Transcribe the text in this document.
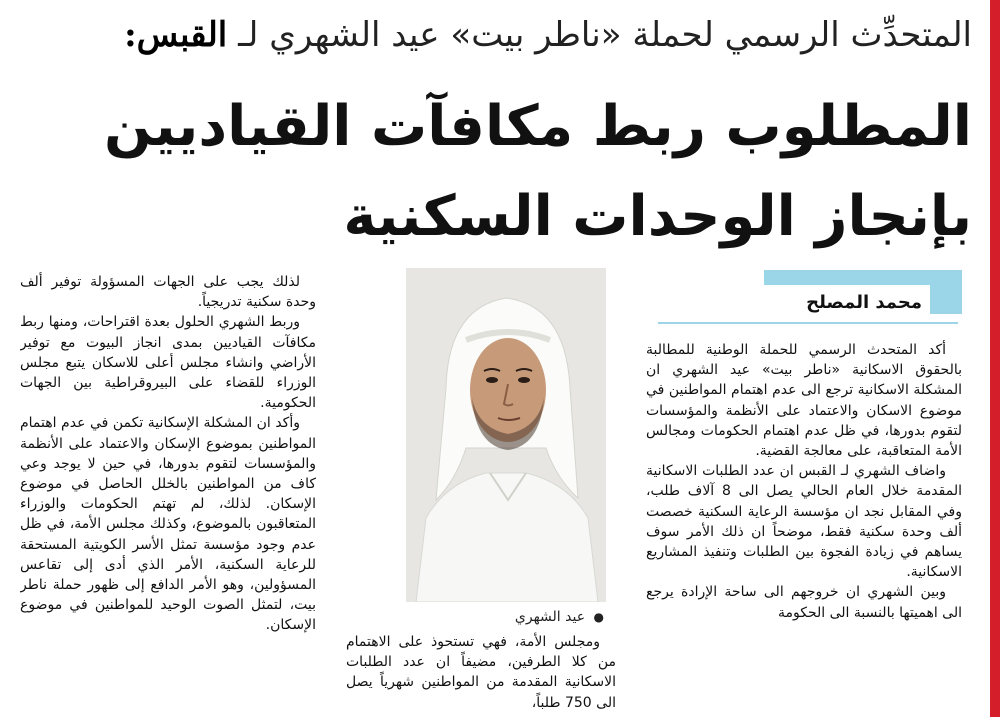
المتحدِّث الرسمي لحملة «ناطر بيت» عيد الشهري لـ القبس:
المطلوب ربط مكافآت القياديين
بإنجاز الوحدات السكنية
محمد المصلح
● عيد الشهري

أكد المتحدث الرسمي للحملة الوطنية للمطالبة بالحقوق الاسكانية «ناطر بيت» عيد الشهري ان المشكلة الاسكانية ترجع الى عدم اهتمام المواطنين في موضوع الاسكان والاعتماد على الأنظمة والمؤسسات لتقوم بدورها، في ظل عدم اهتمام الحكومات ومجالس الأمة المتعاقبة، على معالجة القضية.

واضاف الشهري لـ القبس ان عدد الطلبات الاسكانية المقدمة خلال العام الحالي يصل الى 8 آلاف طلب، وفي المقابل نجد ان مؤسسة الرعاية السكنية خصصت ألف وحدة سكنية فقط، موضحاً ان ذلك الأمر سوف يساهم في زيادة الفجوة بين الطلبات وتنفيذ المشاريع الاسكانية.

وبين الشهري ان خروجهم الى ساحة الإرادة يرجع الى اهميتها بالنسبة الى الحكومة

ومجلس الأمة، فهي تستحوذ على الاهتمام من كلا الطرفين، مضيفاً ان عدد الطلبات الاسكانية المقدمة من المواطنين شهرياً يصل الى 750 طلباً،

لذلك يجب على الجهات المسؤولة توفير ألف وحدة سكنية تدريجياً.

وربط الشهري الحلول بعدة اقتراحات، ومنها ربط مكافآت القياديين بمدى انجاز البيوت مع توفير الأراضي وانشاء مجلس أعلى للاسكان يتبع مجلس الوزراء للقضاء على البيروقراطية بين الجهات الحكومية.

وأكد ان المشكلة الإسكانية تكمن في عدم اهتمام المواطنين بموضوع الإسكان والاعتماد على الأنظمة والمؤسسات لتقوم بدورها، في حين لا يوجد وعي كاف من المواطنين بالخلل الحاصل في موضوع الإسكان. لذلك، لم تهتم الحكومات والوزراء المتعاقبون بالموضوع، وكذلك مجلس الأمة، في ظل عدم وجود مؤسسة تمثل الأسر الكويتية المستحقة للرعاية السكنية، الأمر الذي أدى إلى تقاعس المسؤولين، وهو الأمر الدافع إلى ظهور حملة ناطر بيت، لتمثل الصوت الوحيد للمواطنين في موضوع الإسكان.
